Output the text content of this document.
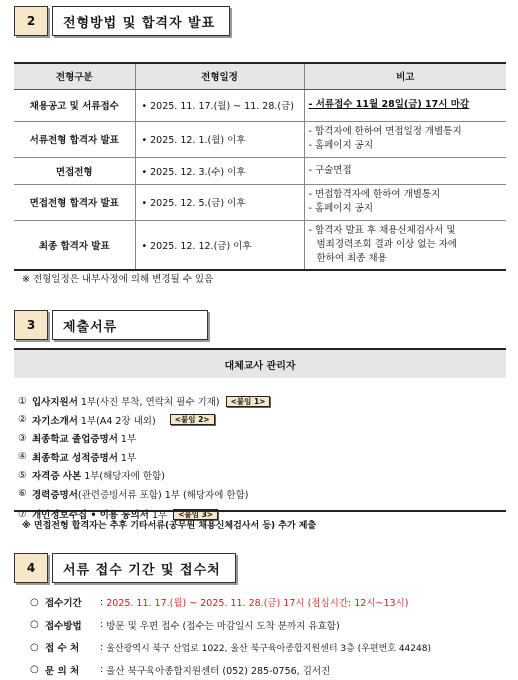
2	전형방법 및 합격자 발표
전형구분	전형일정	비고
채용공고 및 서류접수	• 2025. 11. 17.(월) ~ 11. 28.(금)	- 서류접수 11월 28일(금) 17시 마감

서류전형 합격자 발표	• 2025. 12. 1.(월) 이후	- 합격자에 한하여 면접일정 개별통지
- 홈페이지 공지

면접전형	• 2025. 12. 3.(수) 이후	- 구술면접

면접전형 합격자 발표	• 2025. 12. 5.(금) 이후	- 면접합격자에 한하여 개별통지
- 홈페이지 공지

최종 합격자 발표	• 2025. 12. 12.(금) 이후	- 합격자 발표 후 채용신체검사서 및
범죄경력조회 결과 이상 없는 자에
한하여 최종 채용
※ 전형일정은 내부사정에 의해 변경될 수 있음
3	제출서류
대체교사 관리자
① 입사지원서 1부(사진 부착, 연락처 필수 기재)	<붙임 1>
② 자기소개서 1부(A4 2장 내외)	<붙임 2>
③ 최종학교 졸업증명서 1부
④ 최종학교 성적증명서 1부
⑤ 자격증 사본 1부(해당자에 한함)
⑥ 경력증명서 (관련증빙서류 포함) 1부 (해당자에 한함)
⑦ 개인정보수집 • 이용 동의서 1부	<붙임 3>
※ 면접전형 합격자는 추후 기타서류(공무원 채용신체검사서 등) 추가 제출
4	서류 접수 기간 및 접수처
○ 접수기간	: 2025. 11. 17.(월) ~ 2025. 11. 28.(금) 17시 (점심시간: 12시~13시)
○ 접수방법	: 방문 및 우편 접수 (접수는 마감일시 도착 분까지 유효함)
○ 접 수 처	: 울산광역시 북구 산업로 1022, 울산 북구육아종합지원센터 3층 (우편번호 44248)
○ 문 의 처	: 울산 북구육아종합지원센터 (052) 285-0756, 김서진
